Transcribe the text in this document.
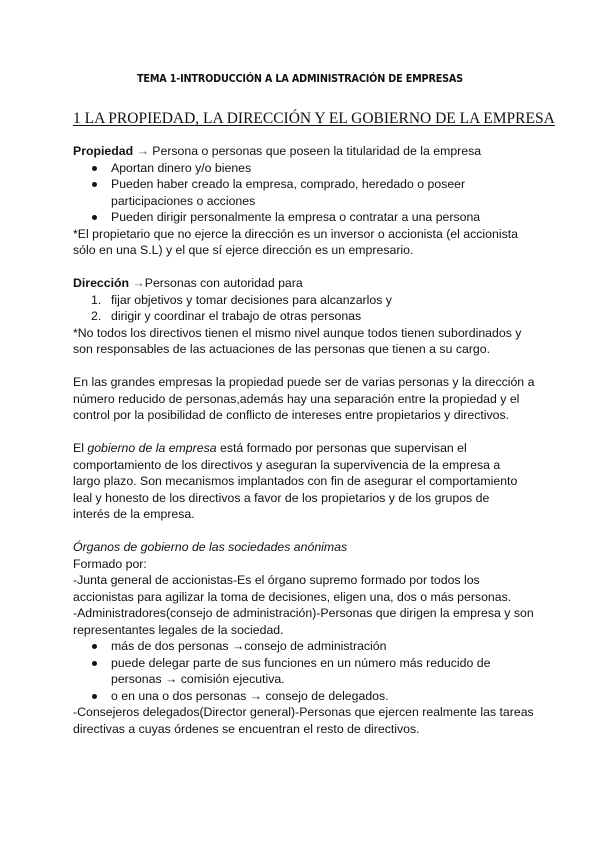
TEMA 1-INTRODUCCIÓN A LA ADMINISTRACIÓN DE EMPRESAS
1 LA PROPIEDAD, LA DIRECCIÓN Y EL GOBIERNO DE LA EMPRESA
Propiedad → Persona o personas que poseen la titularidad de la empresa
Aportan dinero y/o bienes
Pueden haber creado la empresa, comprado, heredado o poseer
participaciones o acciones
Pueden dirigir personalmente la empresa o contratar a una persona
*El propietario que no ejerce la dirección es un inversor o accionista (el accionista
sólo en una S.L) y el que sí ejerce dirección es un empresario.
Dirección →Personas con autoridad para
1. fijar objetivos y tomar decisiones para alcanzarlos y
2. dirigir y coordinar el trabajo de otras personas
*No todos los directivos tienen el mismo nivel aunque todos tienen subordinados y
son responsables de las actuaciones de las personas que tienen a su cargo.
En las grandes empresas la propiedad puede ser de varias personas y la dirección a
número reducido de personas,además hay una separación entre la propiedad y el
control por la posibilidad de conflicto de intereses entre propietarios y directivos.
El gobierno de la empresa está formado por personas que supervisan el
comportamiento de los directivos y aseguran la supervivencia de la empresa a
largo plazo. Son mecanismos implantados con fin de asegurar el comportamiento
leal y honesto de los directivos a favor de los propietarios y de los grupos de
interés de la empresa.
Órganos de gobierno de las sociedades anónimas
Formado por:
-Junta general de accionistas-Es el órgano supremo formado por todos los
accionistas para agilizar la toma de decisiones, eligen una, dos o más personas.
-Administradores(consejo de administración)-Personas que dirigen la empresa y son
representantes legales de la sociedad.
más de dos personas →consejo de administración
puede delegar parte de sus funciones en un número más reducido de
personas → comisión ejecutiva.
o en una o dos personas → consejo de delegados.
-Consejeros delegados(Director general)-Personas que ejercen realmente las tareas
directivas a cuyas órdenes se encuentran el resto de directivos.
